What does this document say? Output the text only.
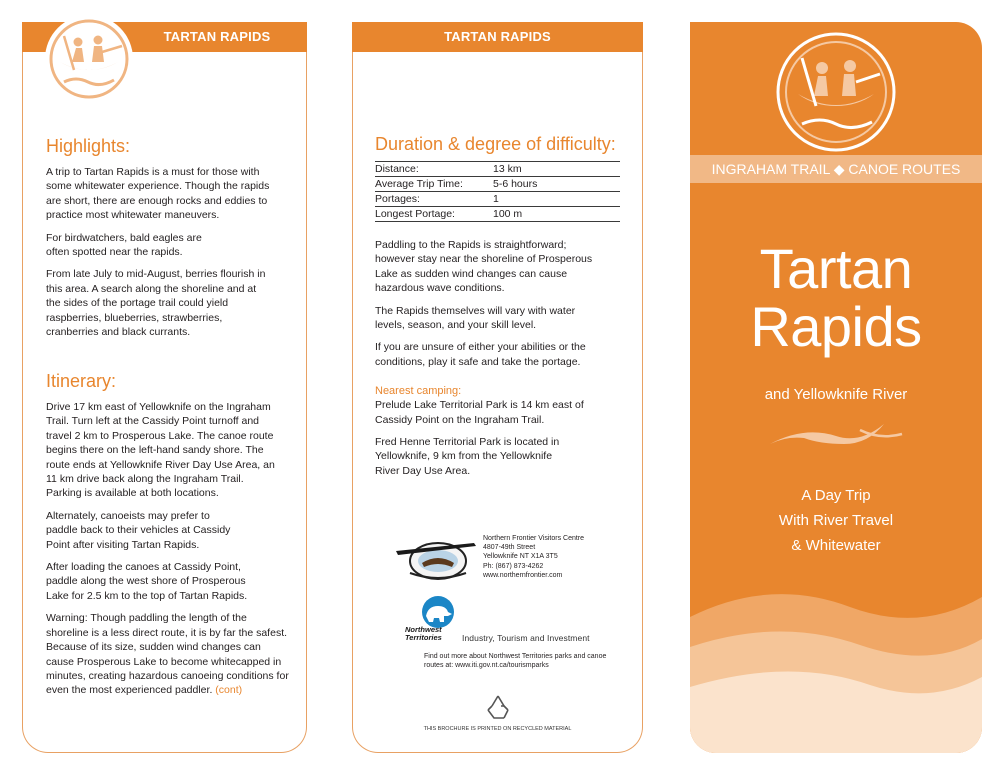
TARTAN RAPIDS
Highlights:
A trip to Tartan Rapids is a must for those with some whitewater experience. Though the rapids are short, there are enough rocks and eddies to practice most whitewater maneuvers.
For birdwatchers, bald eagles are often spotted near the rapids.
From late July to mid-August, berries flourish in this area. A search along the shoreline and at the sides of the portage trail could yield raspberries, blueberries, strawberries, cranberries and black currants.
Itinerary:
Drive 17 km east of Yellowknife on the Ingraham Trail. Turn left at the Cassidy Point turnoff and travel 2 km to Prosperous Lake. The canoe route begins there on the left-hand sandy shore. The route ends at Yellowknife River Day Use Area, an 11 km drive back along the Ingraham Trail. Parking is available at both locations.
Alternately, canoeists may prefer to paddle back to their vehicles at Cassidy Point after visiting Tartan Rapids.
After loading the canoes at Cassidy Point, paddle along the west shore of Prosperous Lake for 2.5 km to the top of Tartan Rapids.
Warning: Though paddling the length of the shoreline is a less direct route, it is by far the safest. Because of its size, sudden wind changes can cause Prosperous Lake to become whitecapped in minutes, creating hazardous canoeing conditions for even the most experienced paddler. (cont)
TARTAN RAPIDS
Duration & degree of difficulty:
Distance:	13 km
Average Trip Time:	5-6 hours
Portages:	1
Longest Portage:	100 m
Paddling to the Rapids is straightforward; however stay near the shoreline of Prosperous Lake as sudden wind changes can cause hazardous wave conditions.
The Rapids themselves will vary with water levels, season, and your skill level.
If you are unsure of either your abilities or the conditions, play it safe and take the portage.
Nearest camping:
Prelude Lake Territorial Park is 14 km east of Cassidy Point on the Ingraham Trail.
Fred Henne Territorial Park is located in Yellowknife, 9 km from the Yellowknife River Day Use Area.
Northern Frontier Visitors Centre
4807-49th Street
Yellowknife NT X1A 3T5
Ph: (867) 873-4262
www.northernfrontier.com
Northwest
Territories Industry, Tourism and Investment
Find out more about Northwest Territories parks and canoe routes at: www.iti.gov.nt.ca/tourismparks
THIS BROCHURE IS PRINTED ON RECYCLED MATERIAL
INGRAHAM TRAIL ◆ CANOE ROUTES
Tartan
Rapids
and Yellowknife River
A Day Trip
With River Travel
& Whitewater
